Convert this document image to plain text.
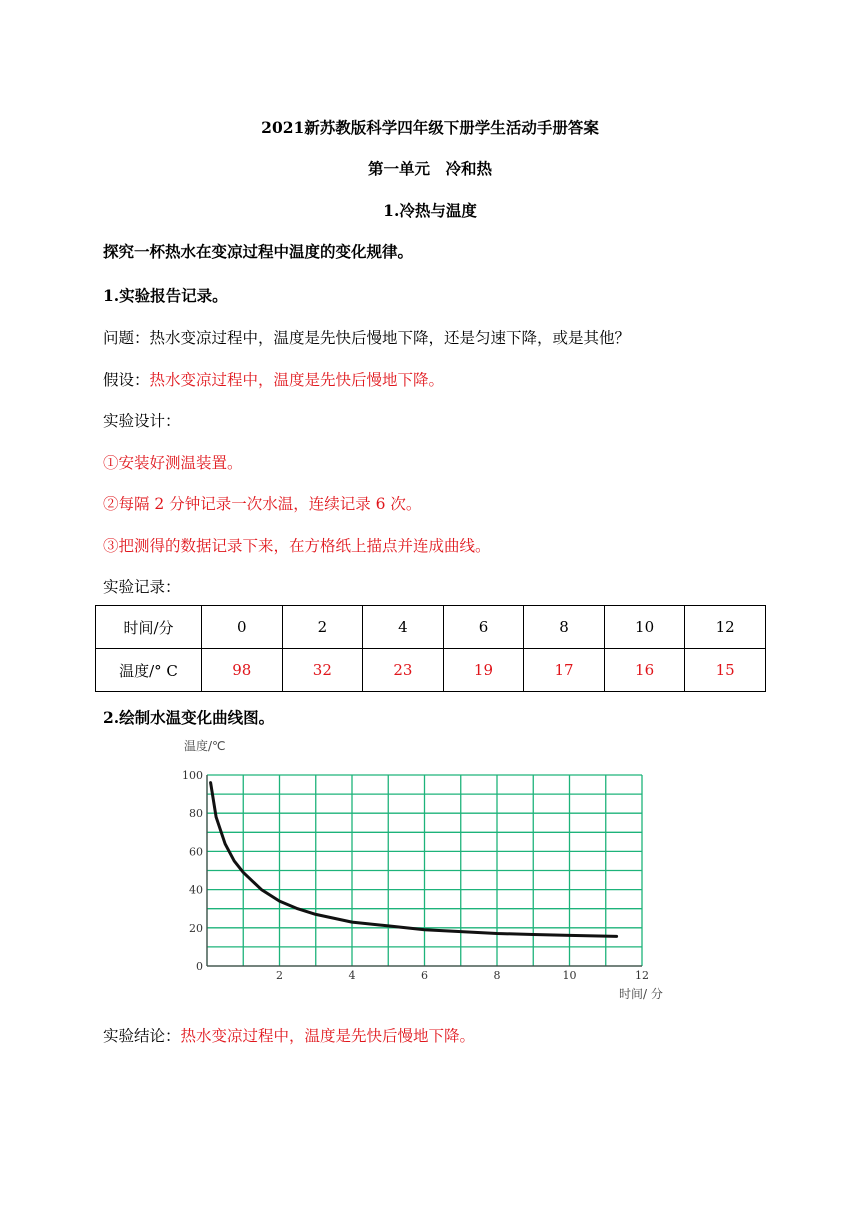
2021新苏教版科学四年级下册学生活动手册答案
第一单元　冷和热
1.冷热与温度
探究一杯热水在变凉过程中温度的变化规律。
1.实验报告记录。
问题：热水变凉过程中，温度是先快后慢地下降，还是匀速下降，或是其他？
假设：热水变凉过程中，温度是先快后慢地下降。
实验设计：
①安装好测温装置。
②每隔 2 分钟记录一次水温，连续记录 6 次。
③把测得的数据记录下来，在方格纸上描点并连成曲线。
实验记录：
时间/分	0	2	4	6	8	10	12
温度/° C	98	32	23	19	17	16	15
2.绘制水温变化曲线图。
0
20
40
60
80
100
2	4	6	8	10	12
温度/℃
时间/ 分
实验结论：热水变凉过程中，温度是先快后慢地下降。
